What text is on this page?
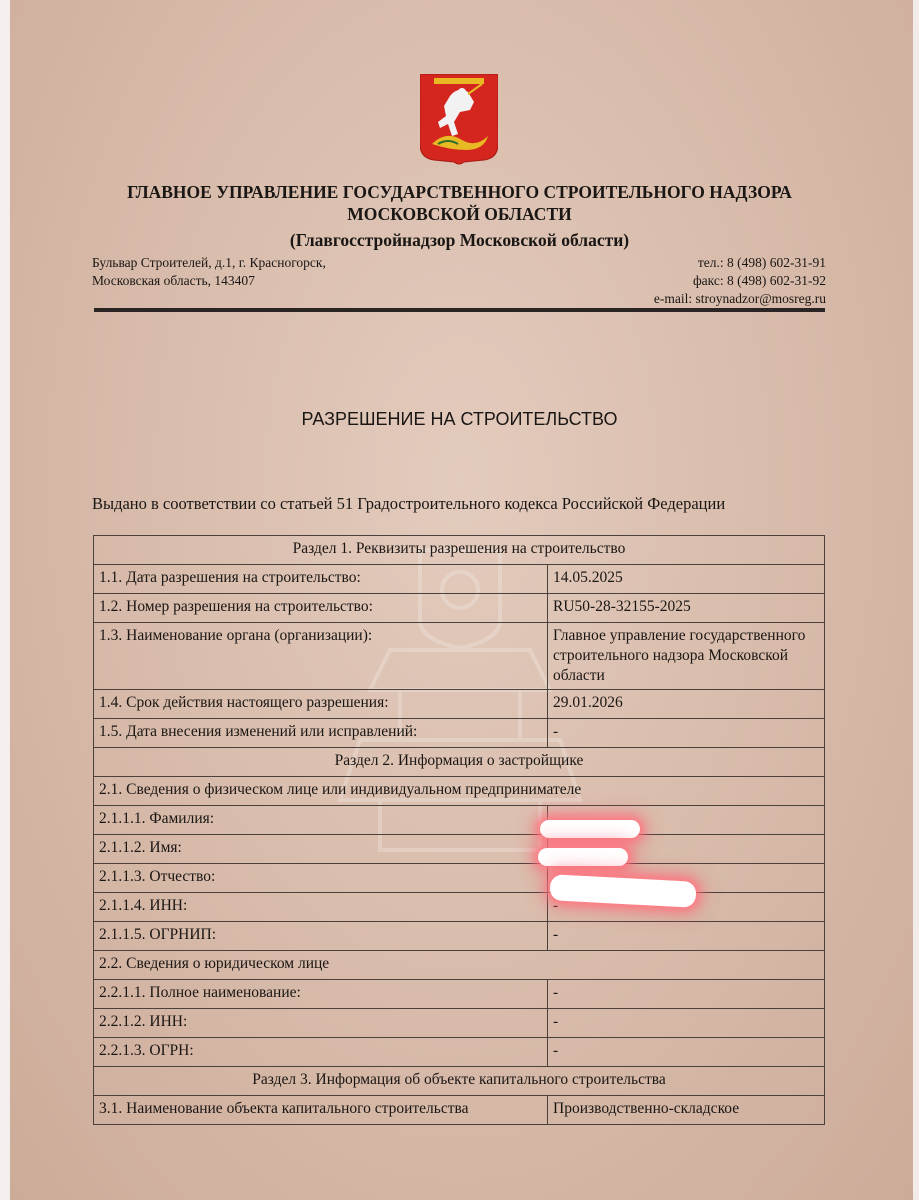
ГЛАВНОЕ УПРАВЛЕНИЕ ГОСУДАРСТВЕННОГО СТРОИТЕЛЬНОГО НАДЗОРА
МОСКОВСКОЙ ОБЛАСТИ
(Главгосстройнадзор Московской области)
Бульвар Строителей, д.1, г. Красногорск,
Московская область, 143407
тел.: 8 (498) 602-31-91
факс: 8 (498) 602-31-92
e-mail: stroynadzor@mosreg.ru
РАЗРЕШЕНИЕ НА СТРОИТЕЛЬСТВО
Выдано в соответствии со статьей 51 Градостроительного кодекса Российской Федерации
Раздел 1. Реквизиты разрешения на строительство	
1.1. Дата разрешения на строительство:	14.05.2025
1.2. Номер разрешения на строительство:	RU50-28-32155-2025
1.3. Наименование органа (организации):	Главное управление государственного строительного надзора Московской области
1.4. Срок действия настоящего разрешения:	29.01.2026
1.5. Дата внесения изменений или исправлений:	-
Раздел 2. Информация о застройщике	
2.1. Сведения о физическом лице или индивидуальном предпринимателе	
2.1.1.1. Фамилия:	
2.1.1.2. Имя:	
2.1.1.3. Отчество:	
2.1.1.4. ИНН:	-
2.1.1.5. ОГРНИП:	-
2.2. Сведения о юридическом лице	
2.2.1.1. Полное наименование:	-
2.2.1.2. ИНН:	-
2.2.1.3. ОГРН:	-
Раздел 3. Информация об объекте капитального строительства	
3.1. Наименование объекта капитального строительства	Производственно-складское
